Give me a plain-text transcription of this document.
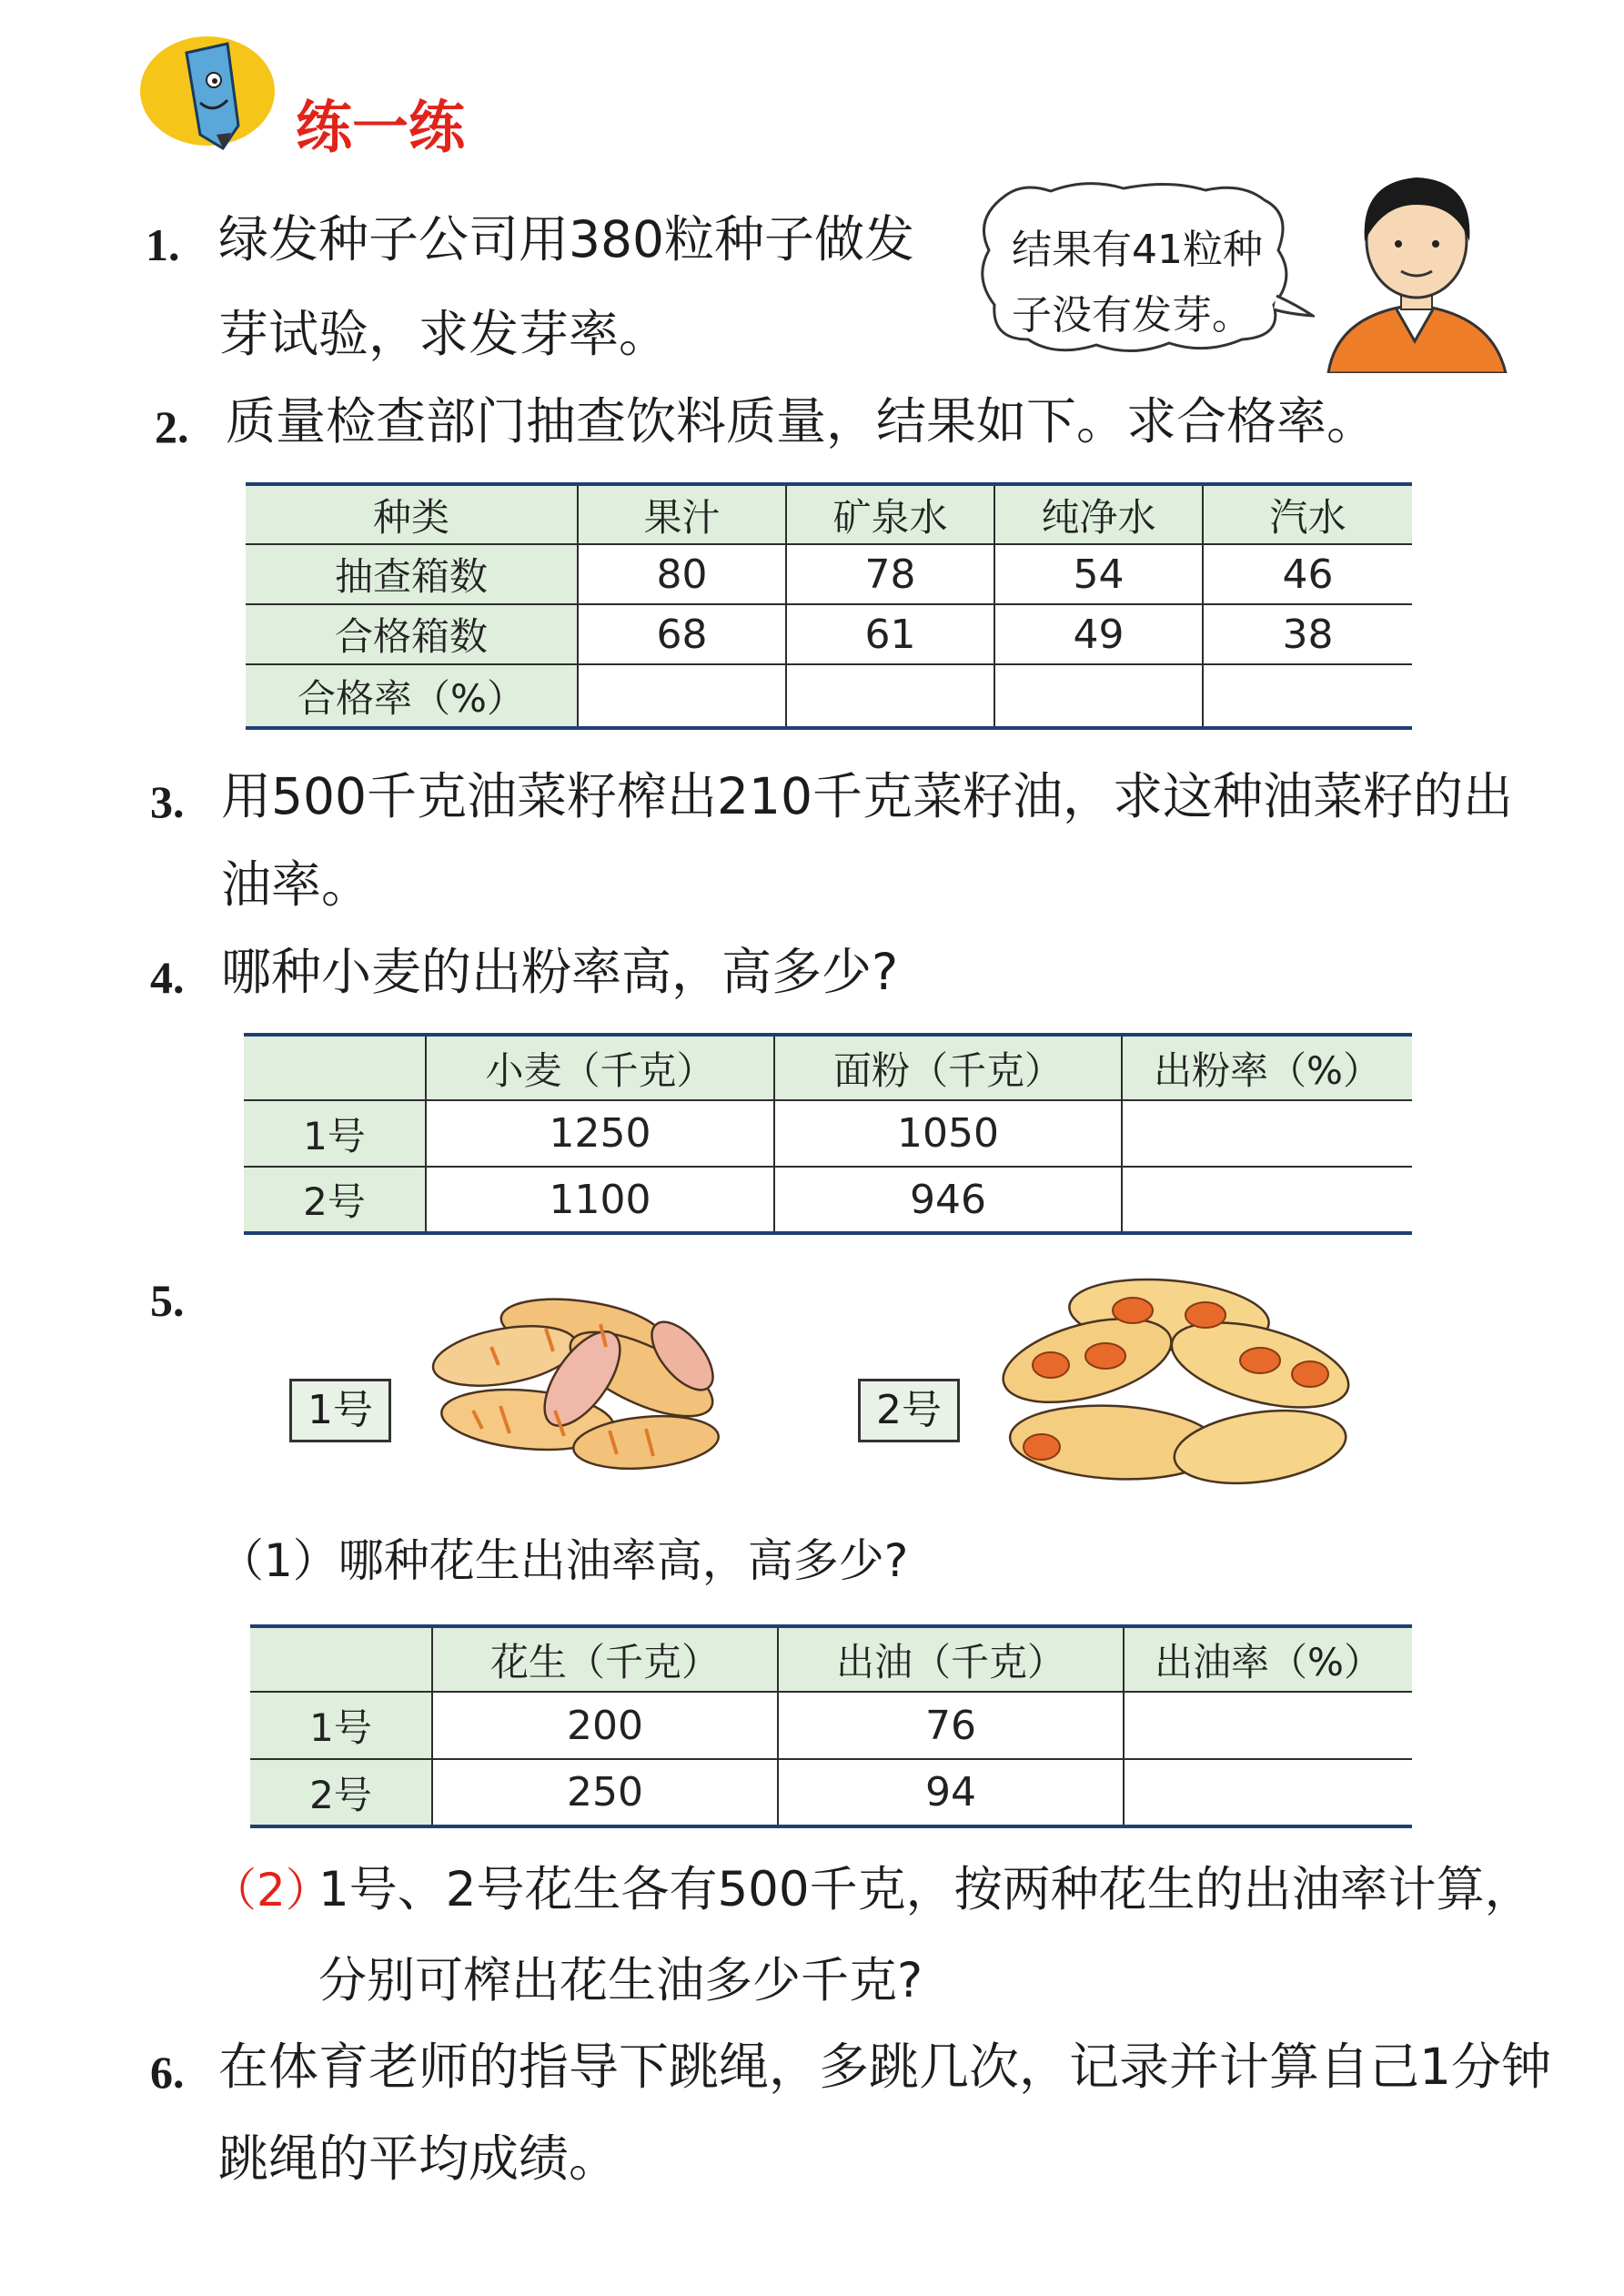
练一练
1. 绿发种子公司用380粒种子做发
芽试验，求发芽率。
结果有41粒种
子没有发芽。
2. 质量检查部门抽查饮料质量，结果如下。求合格率。
种类	果汁	矿泉水	纯净水	汽水
抽查箱数	80	78	54	46
合格箱数	68	61	49	38
合格率（%）				
3. 用500千克油菜籽榨出210千克菜籽油，求这种油菜籽的出
油率。
4. 哪种小麦的出粉率高，高多少?
	小麦（千克）	面粉（千克）	出粉率（%）
1号	1250	1050	
2号	1100	946	
5.
1号	2号
（1）哪种花生出油率高，高多少?
	花生（千克）	出油（千克）	出油率（%）
1号	200	76	
2号	250	94	
（2）
1号、2号花生各有500千克，按两种花生的出油率计算，
分别可榨出花生油多少千克?
6. 在体育老师的指导下跳绳，多跳几次，记录并计算自己1分钟
跳绳的平均成绩。
